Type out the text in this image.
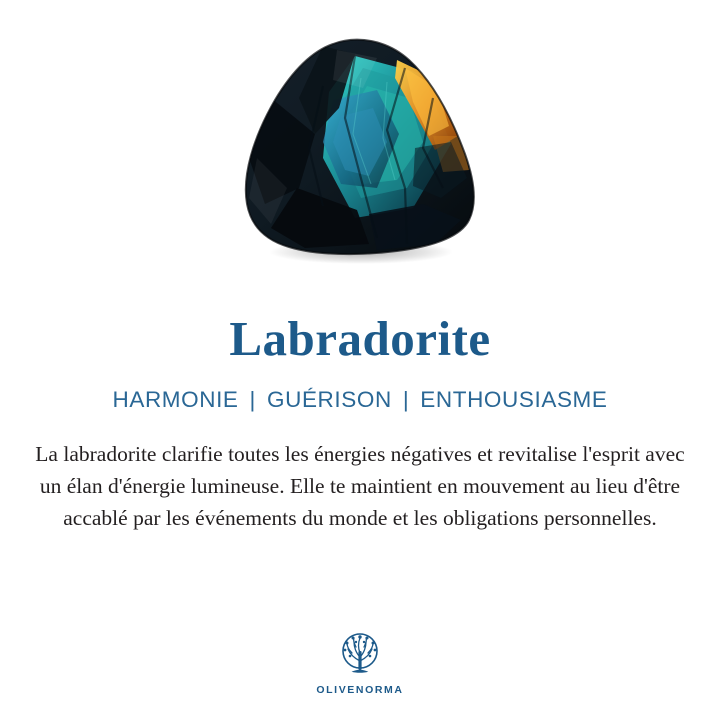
Labradorite
HARMONIE | GUÉRISON | ENTHOUSIASME

La labradorite clarifie toutes les énergies négatives et revitalise l'esprit avec un élan d'énergie lumineuse. Elle te maintient en mouvement au lieu d'être accablé par les événements du monde et les obligations personnelles.

OLIVENORMA
